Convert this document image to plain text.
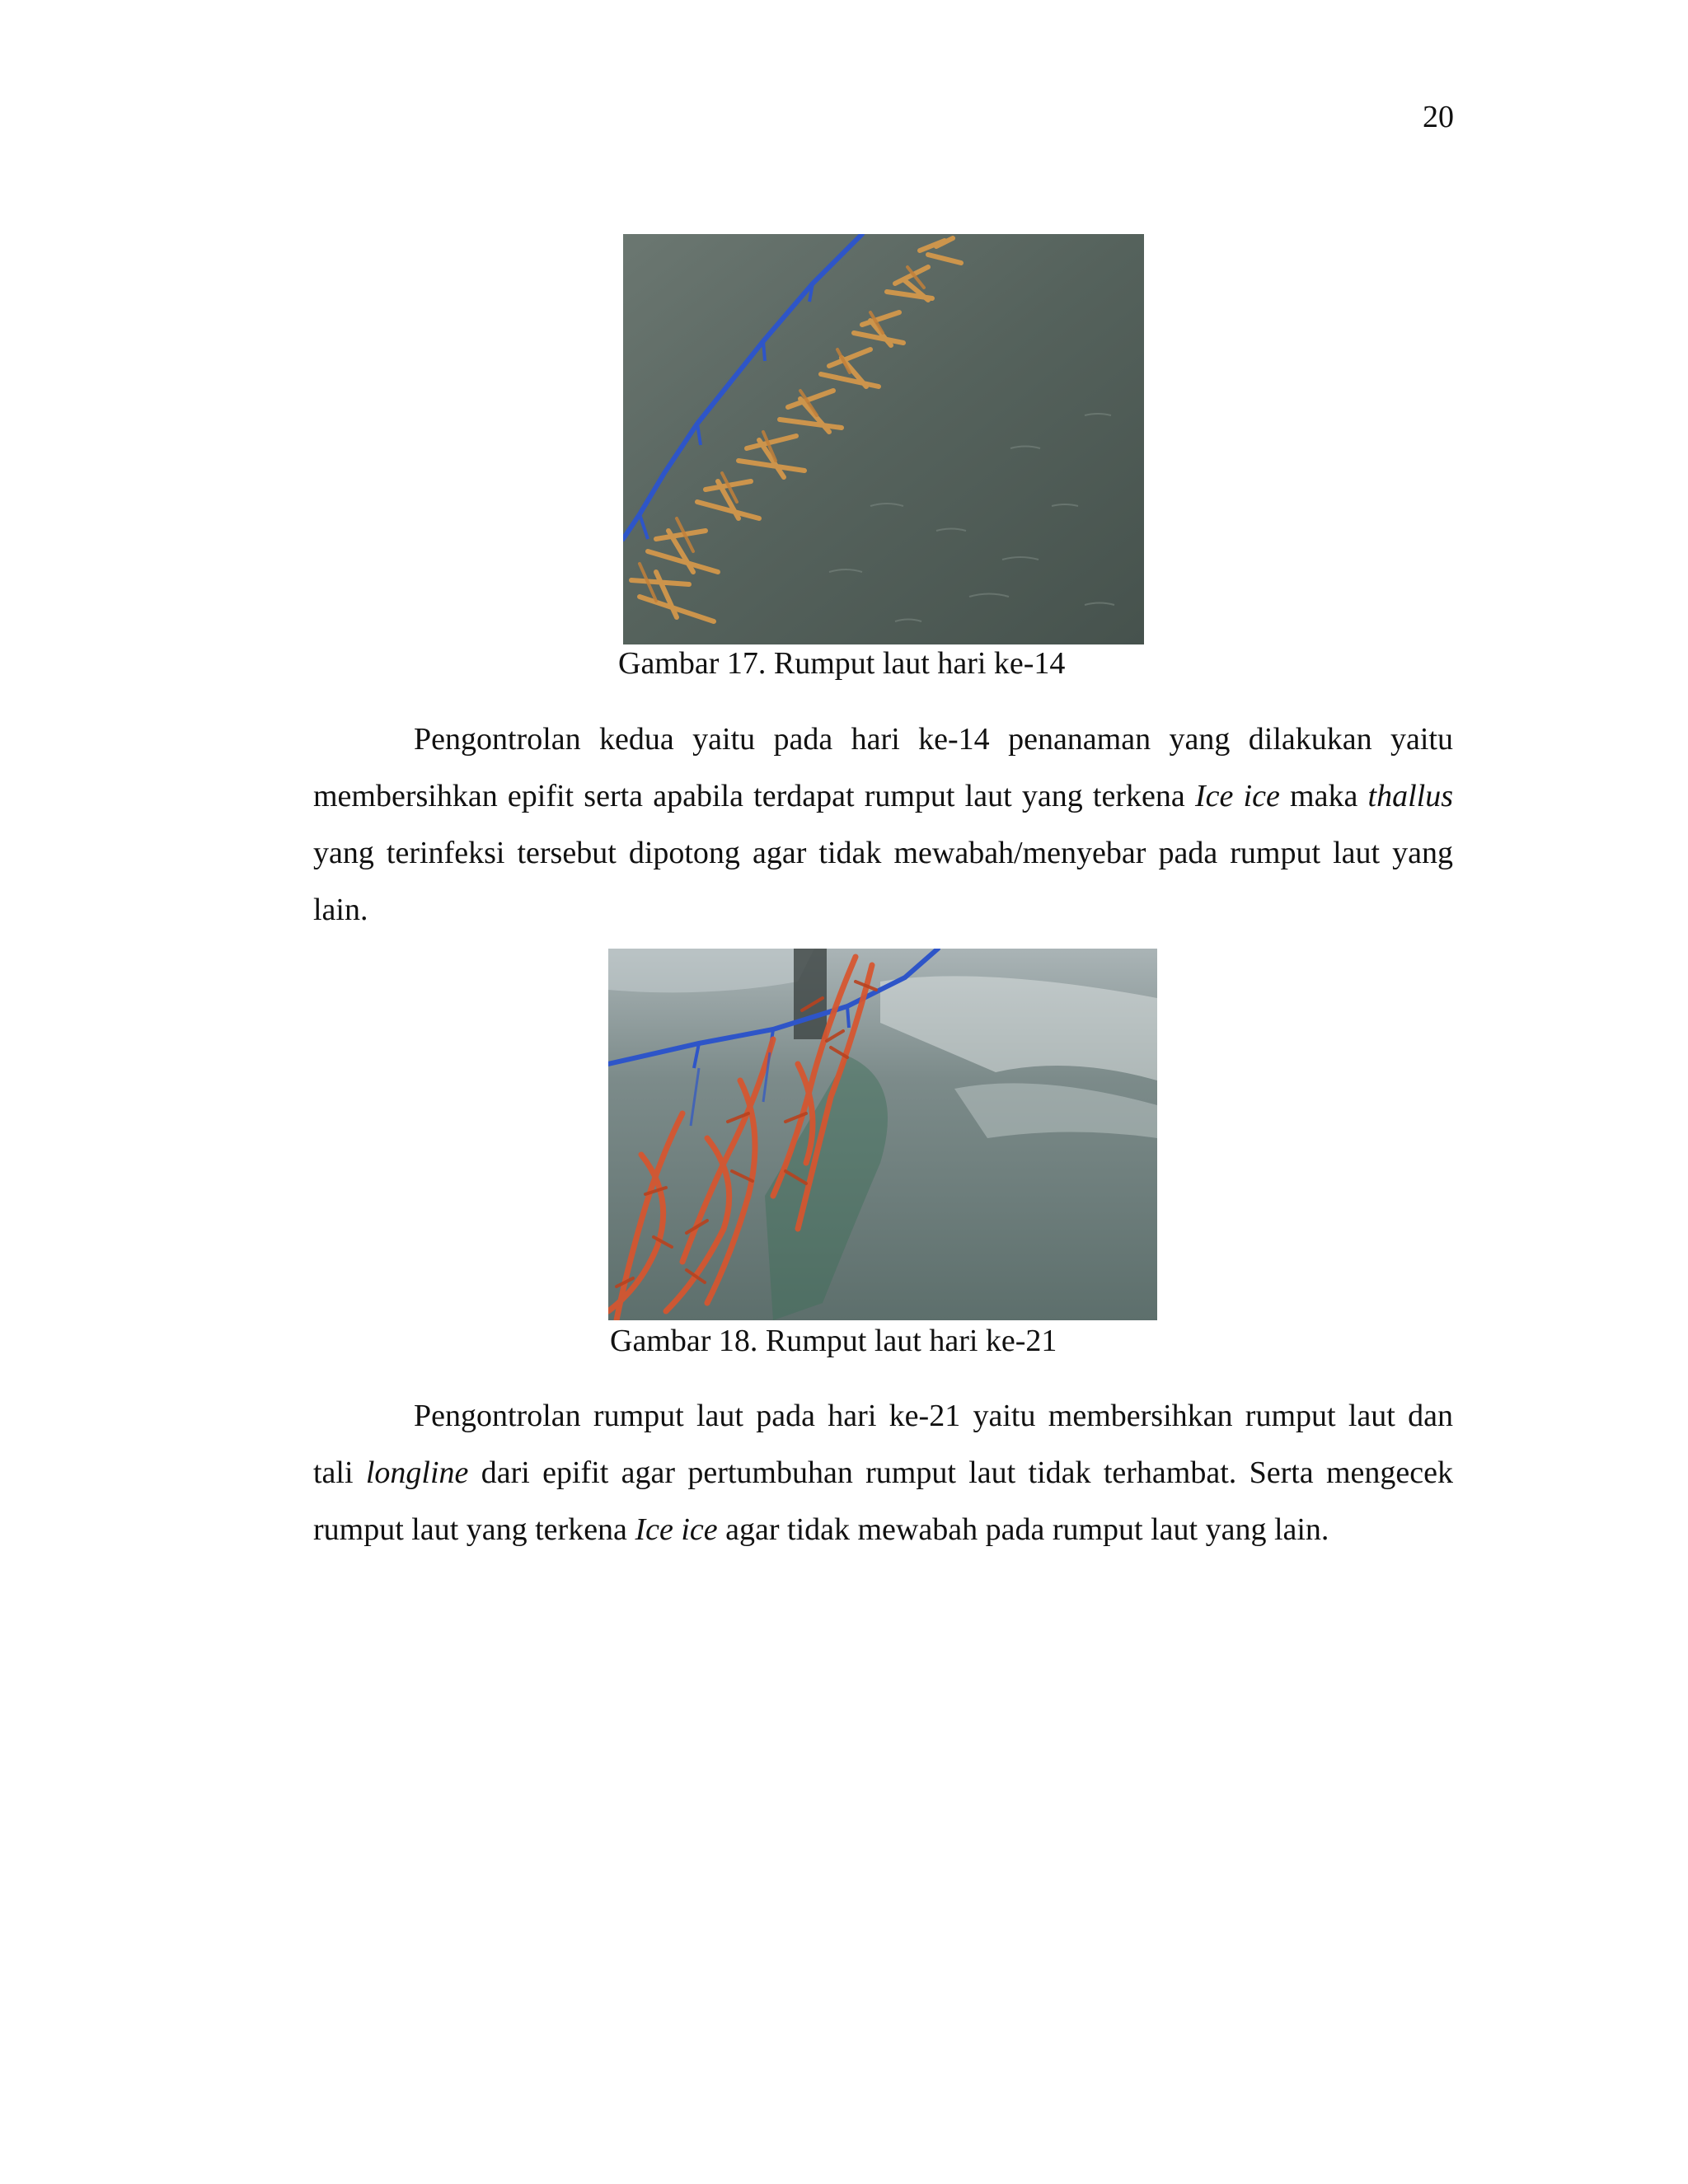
20
Gambar 17. Rumput laut hari ke-14

Pengontrolan kedua yaitu pada hari ke-14 penanaman yang dilakukan yaitu membersihkan epifit serta apabila terdapat rumput laut yang terkena Ice ice maka thallus yang terinfeksi tersebut dipotong agar tidak mewabah/menyebar pada rumput laut yang lain.

Gambar 18. Rumput laut hari ke-21

Pengontrolan rumput laut pada hari ke-21 yaitu membersihkan rumput laut dan tali longline dari epifit agar pertumbuhan rumput laut tidak terhambat. Serta mengecek rumput laut yang terkena Ice ice agar tidak mewabah pada rumput laut yang lain.
